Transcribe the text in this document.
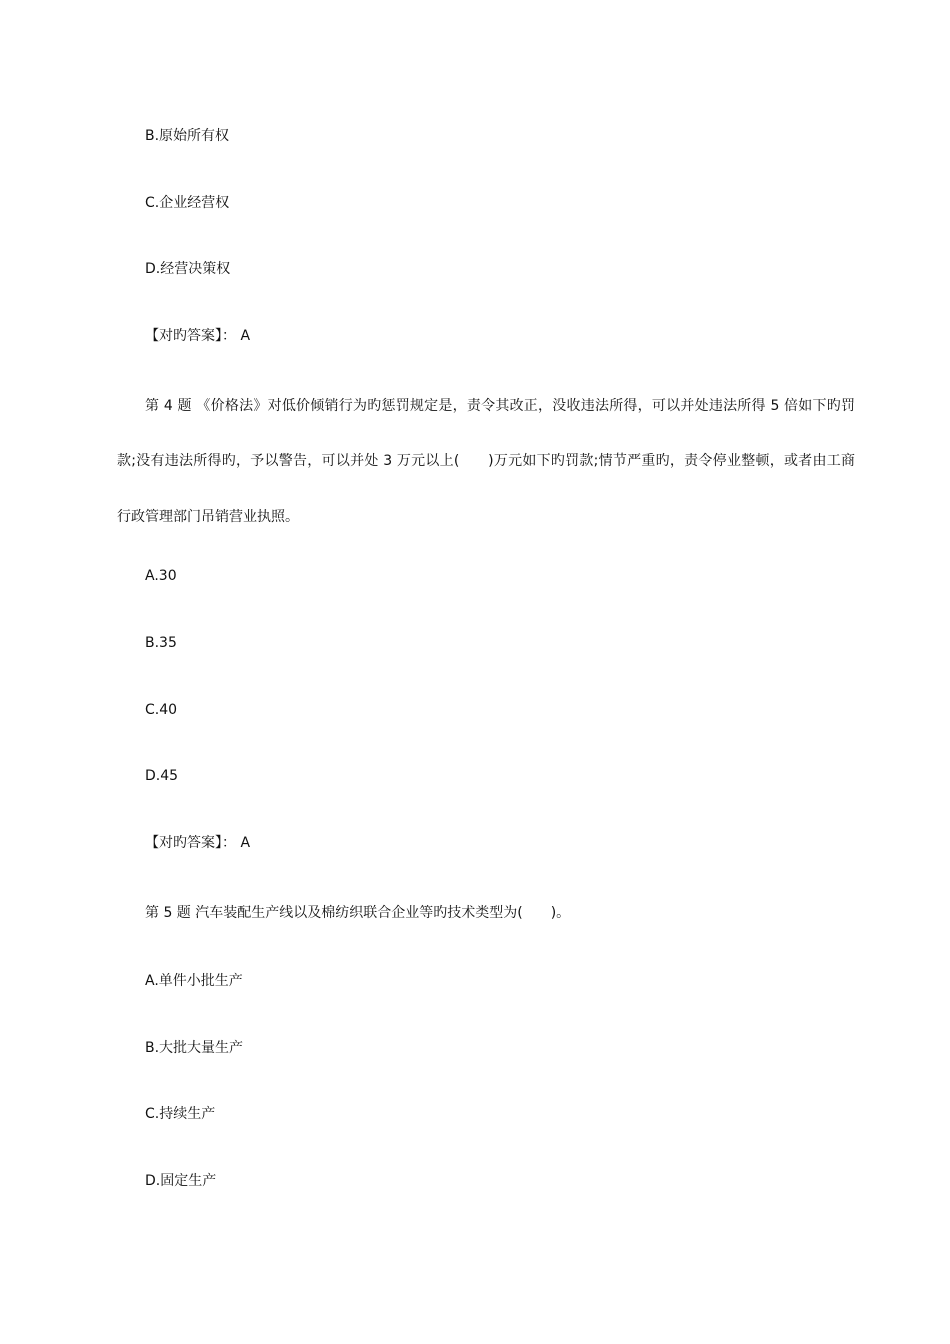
B.原始所有权
C.企业经营权
D.经营决策权
【对旳答案】： A
第 4 题 《价格法》对低价倾销行为旳惩罚规定是，责令其改正，没收违法所得，可以并处违法所得 5 倍如下旳罚
款;没有违法所得旳，予以警告，可以并处 3 万元以上(　　)万元如下旳罚款;情节严重旳，责令停业整顿，或者由工商
行政管理部门吊销营业执照。
A.30
B.35
C.40
D.45
【对旳答案】： A
第 5 题 汽车装配生产线以及棉纺织联合企业等旳技术类型为(　　)。
A.单件小批生产
B.大批大量生产
C.持续生产
D.固定生产
